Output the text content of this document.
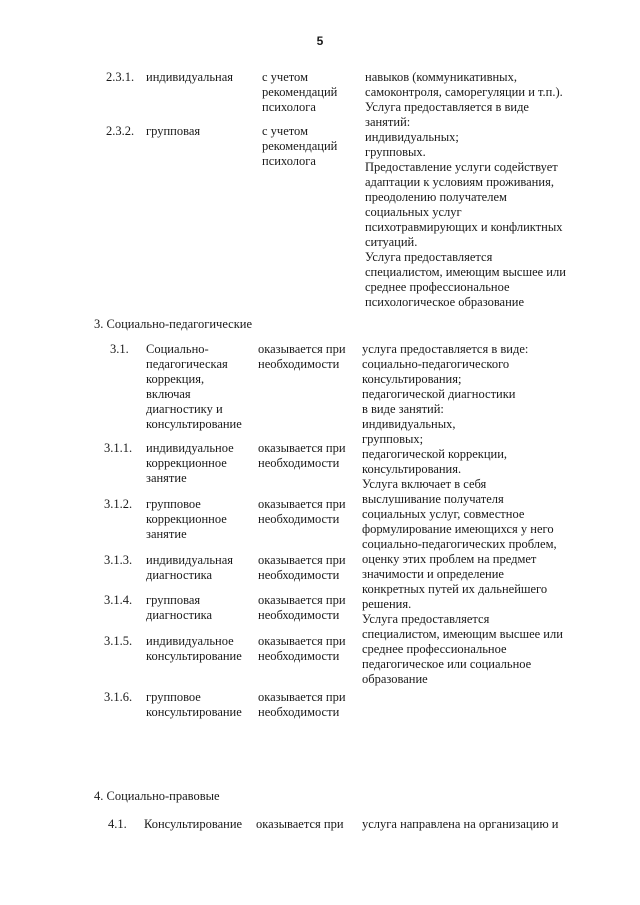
5
2.3.1. индивидуальная с учетом
рекомендаций
психолога
2.3.2. групповая	с учетом
рекомендаций
психолога
навыков (коммуникативных,
самоконтроля, саморегуляции и т.п.).
Услуга предоставляется в виде
занятий:
индивидуальных;
групповых.
Предоставление услуги содействует
адаптации к условиям проживания,
преодолению получателем
социальных услуг
психотравмирующих и конфликтных
ситуаций.
Услуга предоставляется
специалистом, имеющим высшее или
среднее профессиональное
психологическое образование
3. Социально-педагогические
3.1. Социально-
педагогическая
коррекция,
включая
диагностику и
консультирование
оказывается при
необходимости
3.1.1. индивидуальное
коррекционное
занятие
оказывается при
необходимости
3.1.2. групповое
коррекционное
занятие
оказывается при
необходимости
3.1.3. индивидуальная
диагностика
оказывается при
необходимости
3.1.4. групповая
диагностика
оказывается при
необходимости
3.1.5. индивидуальное
консультирование
оказывается при
необходимости
3.1.6. групповое
консультирование
оказывается при
необходимости
услуга предоставляется в виде:
социально-педагогического
консультирования;
педагогической диагностики
в виде занятий:
индивидуальных,
групповых;
педагогической коррекции,
консультирования.
Услуга включает в себя
выслушивание получателя
социальных услуг, совместное
формулирование имеющихся у него
социально-педагогических проблем,
оценку этих проблем на предмет
значимости и определение
конкретных путей их дальнейшего
решения.
Услуга предоставляется
специалистом, имеющим высшее или
среднее профессиональное
педагогическое или социальное
образование
4. Социально-правовые
4.1. Консультирование оказывается при услуга направлена на организацию и
